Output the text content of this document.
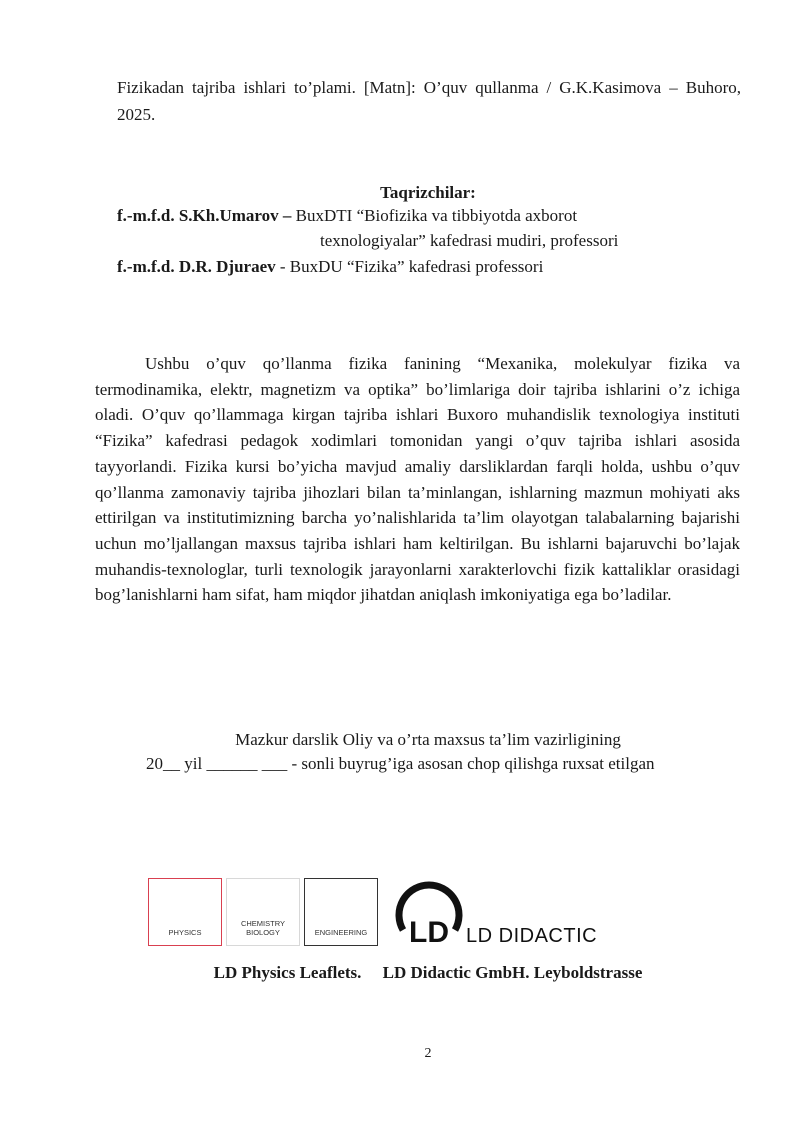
Fizikadan tajriba ishlari to’plami. [Matn]: O’quv qullanma / G.K.Kasimova – Buhoro, 2025.
Taqrizchilar:
f.-m.f.d. S.Kh.Umarov – BuxDTI “Biofizika va tibbiyotda axborot
texnologiyalar” kafedrasi mudiri, professori
f.-m.f.d. D.R. Djuraev - BuxDU “Fizika” kafedrasi professori
Ushbu o’quv qo’llanma fizika fanining “Mexanika, molekulyar fizika va termodinamika, elektr, magnetizm va optika” bo’limlariga doir tajriba ishlarini o’z ichiga oladi. O’quv qo’llammaga kirgan tajriba ishlari Buxoro muhandislik texnologiya instituti “Fizika” kafedrasi pedagok xodimlari tomonidan yangi o’quv tajriba ishlari asosida tayyorlandi. Fizika kursi bo’yicha mavjud amaliy darsliklardan farqli holda, ushbu o’quv qo’llanma zamonaviy tajriba jihozlari bilan ta’minlangan, ishlarning mazmun mohiyati aks ettirilgan va institutimizning barcha yo’nalishlarida ta’lim olayotgan talabalarning bajarishi uchun mo’ljallangan maxsus tajriba ishlari ham keltirilgan. Bu ishlarni bajaruvchi bo’lajak muhandis-texnologlar, turli texnologik jarayonlarni xarakterlovchi fizik kattaliklar orasidagi bog’lanishlarni ham sifat, ham miqdor jihatdan aniqlash imkoniyatiga ega bo’ladilar.
Mazkur darslik Oliy va o’rta maxsus ta’lim vazirligining
20__ yil ______ ___ - sonli buyrug’iga asosan chop qilishga ruxsat etilgan
PHYSICS
CHEMISTRY
BIOLOGY	ENGINEERING LD LD DIDACTIC
LD Physics Leaflets.     LD Didactic GmbH. Leyboldstrasse
2
